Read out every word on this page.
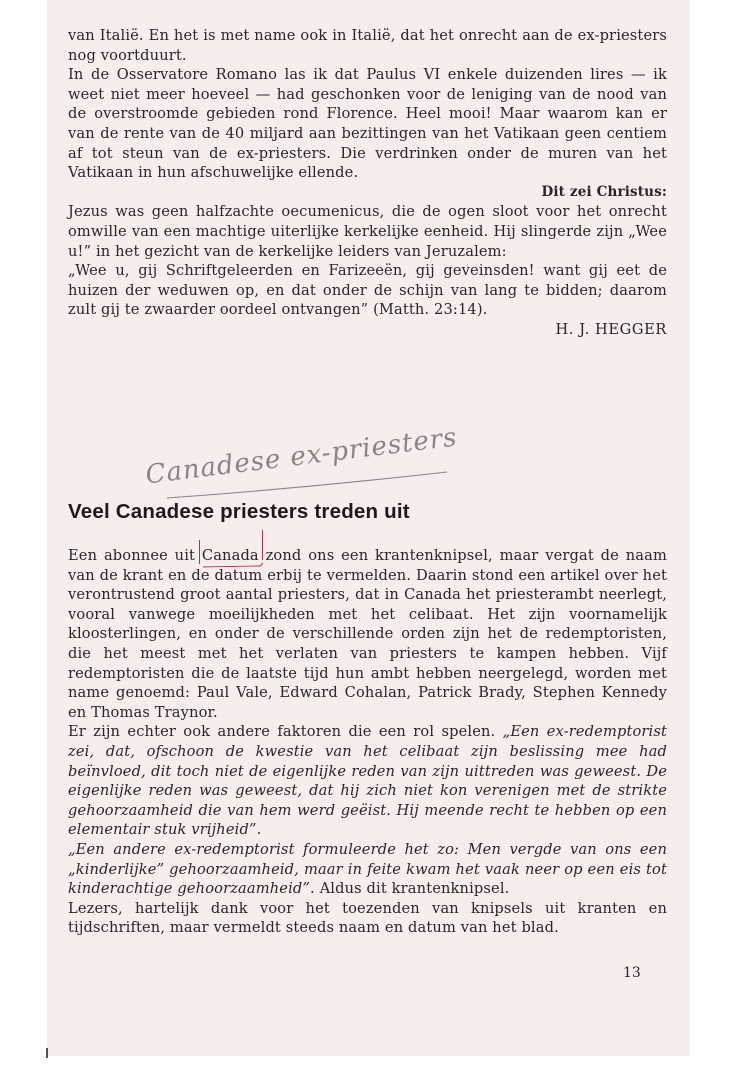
van Italië. En het is met name ook in Italië, dat het onrecht aan de ex-priesters nog voortduurt.

In de Osservatore Romano las ik dat Paulus VI enkele duizenden lires — ik weet niet meer hoeveel — had geschonken voor de leniging van de nood van de overstroomde gebieden rond Florence. Heel mooi! Maar waarom kan er van de rente van de 40 miljard aan bezittingen van het Vatikaan geen centiem af tot steun van de ex-priesters. Die verdrinken onder de muren van het Vatikaan in hun afschuwelijke ellende.

Dit zei Christus:

Jezus was geen halfzachte oecumenicus, die de ogen sloot voor het onrecht omwille van een machtige uiterlijke kerkelijke eenheid. Hij slingerde zijn „Wee u!” in het gezicht van de kerkelijke leiders van Jeruzalem:

„Wee u, gij Schriftgeleerden en Farizeeën, gij geveinsden! want gij eet de huizen der weduwen op, en dat onder de schijn van lang te bidden; daarom zult gij te zwaarder oordeel ontvangen” (Matth. 23:14).

H. J. HEGGER

Canadese ex-priesters
Veel Canadese priesters treden uit

Een abonnee uit Canada
zond ons een krantenknipsel, maar vergat de naam van de krant en de datum erbij te vermelden. Daarin stond een artikel over het verontrustend groot aantal priesters, dat in Canada het priesterambt neerlegt, vooral vanwege moeilijkheden met het celibaat. Het zijn voornamelijk kloosterlingen, en onder de verschillende orden zijn het de redemptoristen, die het meest met het verlaten van priesters te kampen hebben. Vijf redemptoristen die de laatste tijd hun ambt hebben neergelegd, worden met name genoemd: Paul Vale, Edward Cohalan, Patrick Brady, Stephen Kennedy en Thomas Traynor.

Er zijn echter ook andere faktoren die een rol spelen. „Een ex-redemptorist zei, dat, ofschoon de kwestie van het celibaat zijn beslissing mee had beïnvloed, dit toch niet de eigenlijke reden van zijn uittreden was geweest. De eigenlijke reden was geweest, dat hij zich niet kon verenigen met de strikte gehoorzaamheid die van hem werd geëist. Hij meende recht te hebben op een elementair stuk vrijheid”.

„Een andere ex-redemptorist formuleerde het zo: Men vergde van ons een „kinderlijke” gehoorzaamheid, maar in feite kwam het vaak neer op een eis tot kinderachtige gehoorzaamheid”. Aldus dit krantenknipsel.

Lezers, hartelijk dank voor het toezenden van knipsels uit kranten en tijdschriften, maar vermeldt steeds naam en datum van het blad.

13
